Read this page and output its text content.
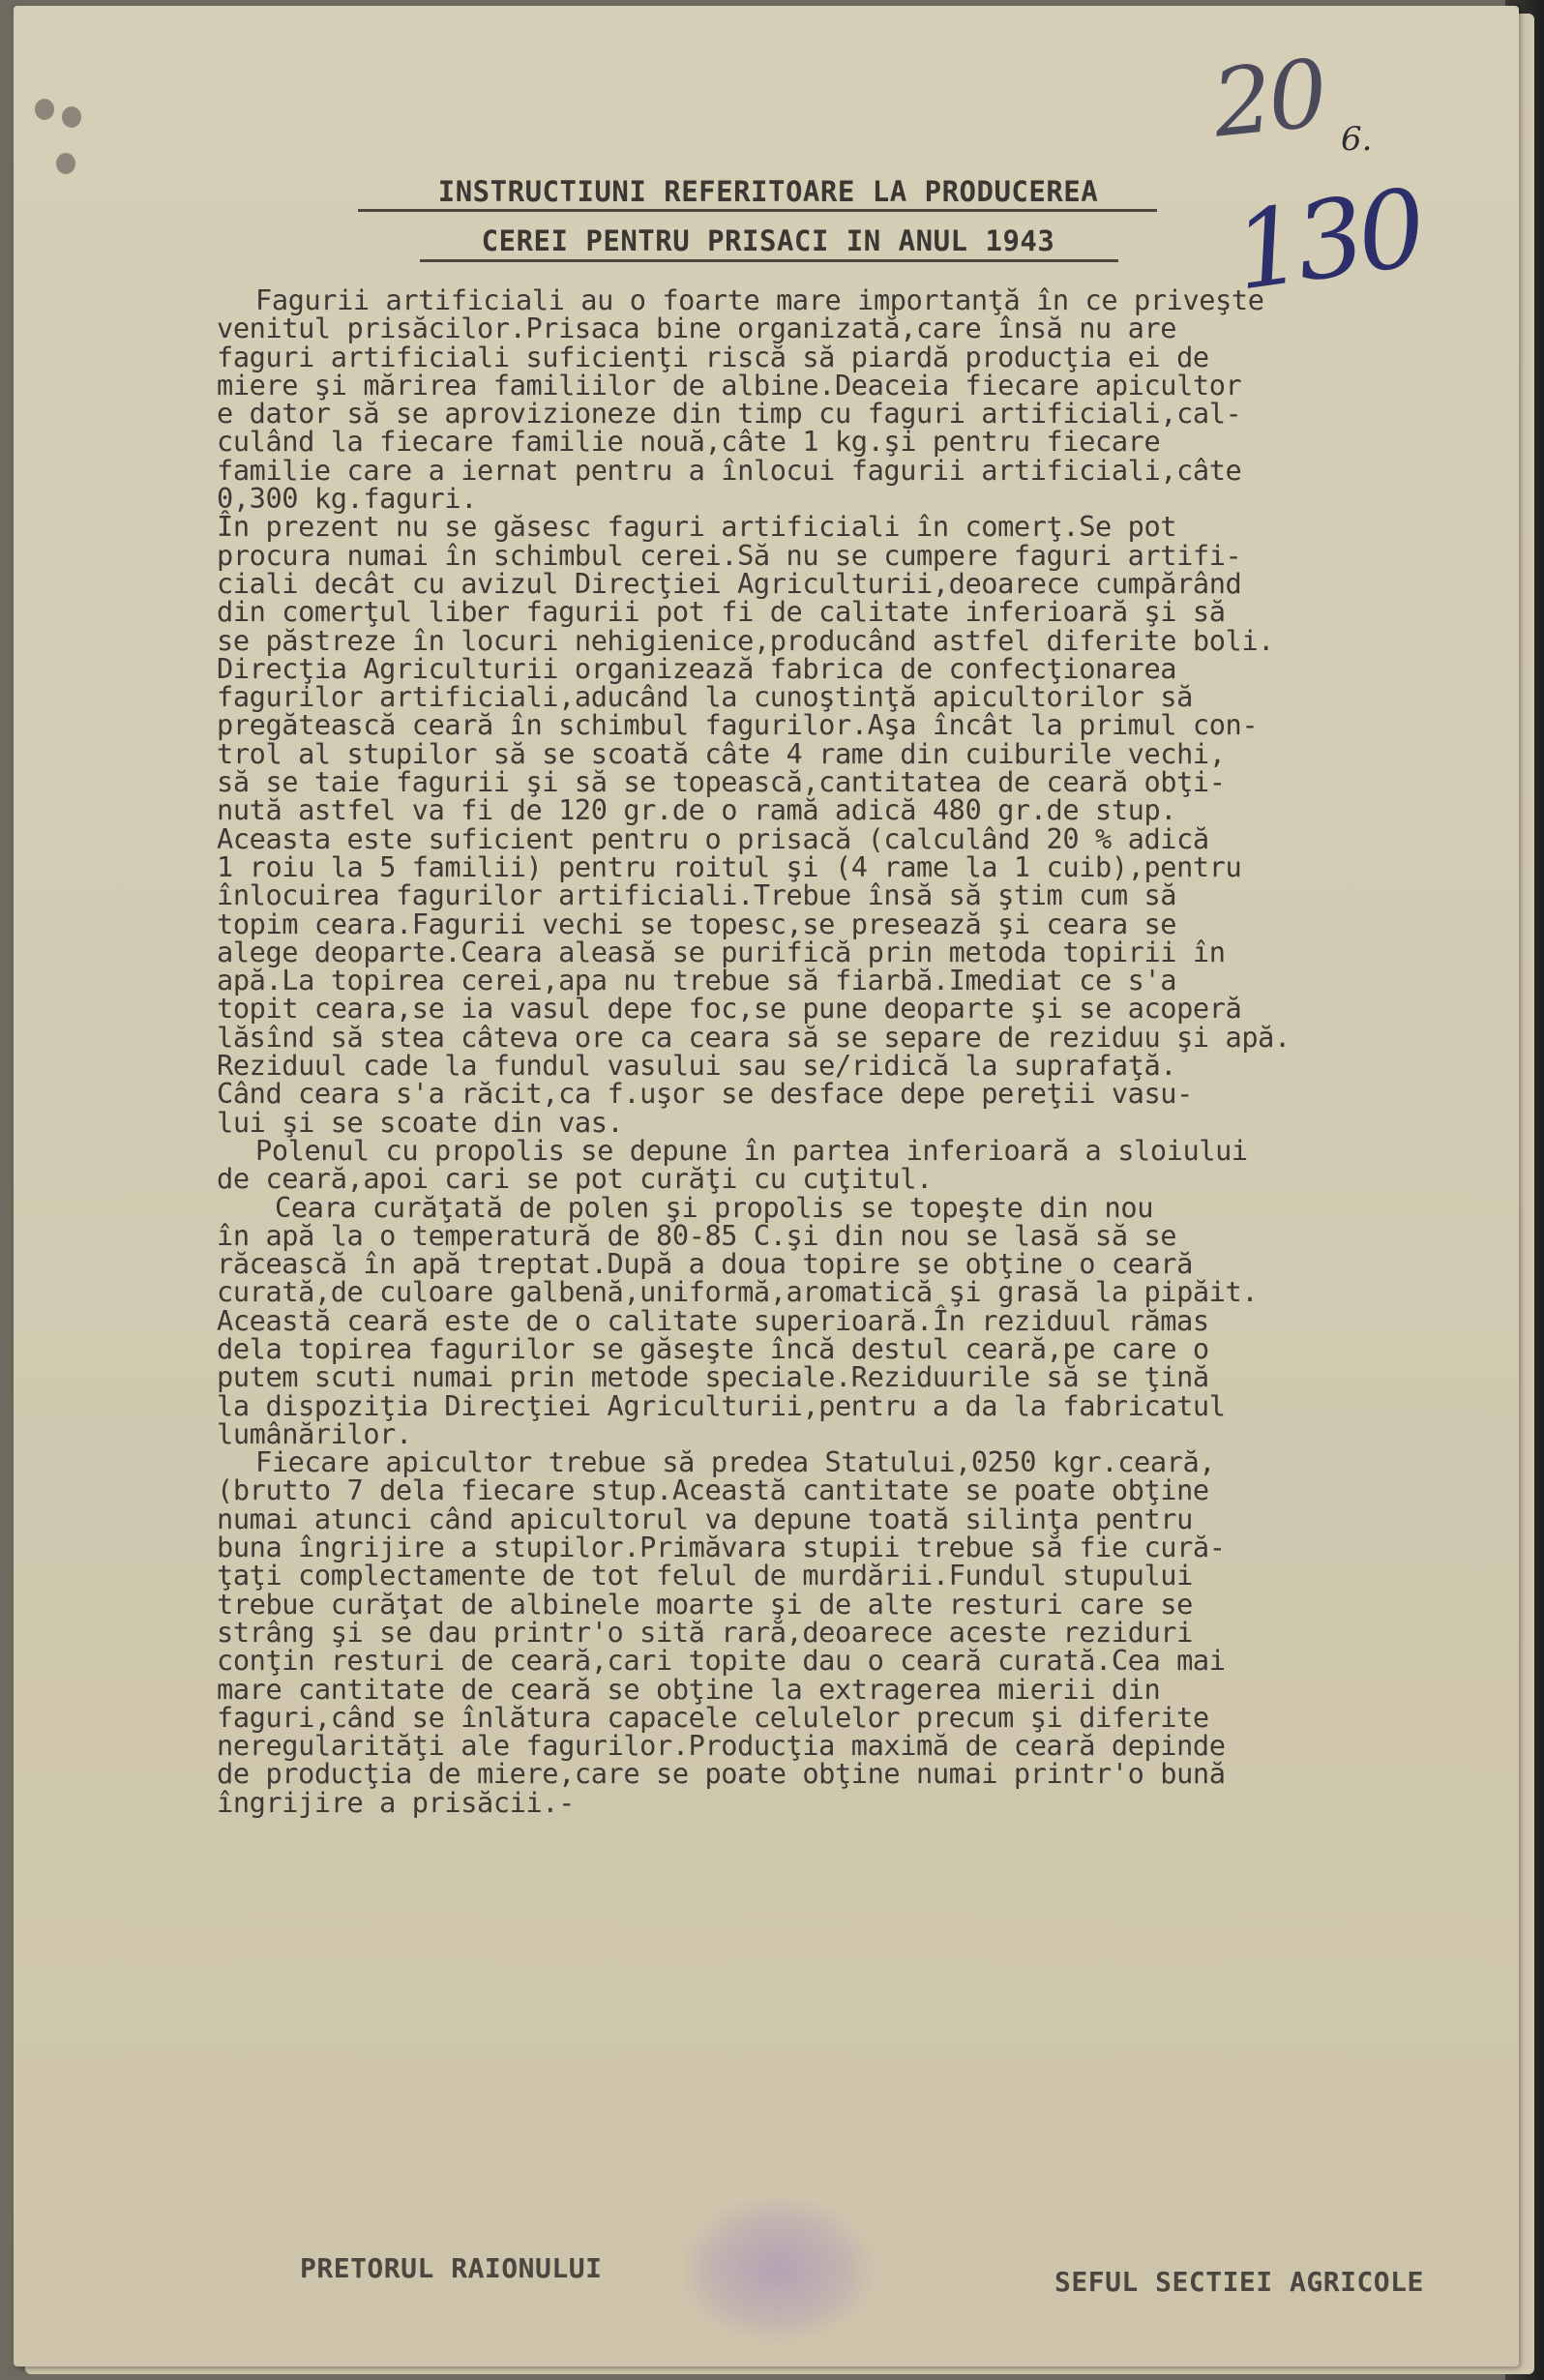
20 6.
130
INSTRUCTIUNI REFERITOARE LA PRODUCEREA
CEREI PENTRU PRISACI IN ANUL 1943
Fagurii artificiali au o foarte mare importanţă în ce priveşte
venitul prisăcilor.Prisaca bine organizată,care însă nu are
faguri artificiali suficienţi riscă să piardă producţia ei de
miere şi mărirea familiilor de albine.Deaceia fiecare apicultor
e dator să se aprovizioneze din timp cu faguri artificiali,cal-
culând la fiecare familie nouă,câte 1 kg.şi pentru fiecare
familie care a iernat pentru a înlocui fagurii artificiali,câte
0,300 kg.faguri.
În prezent nu se găsesc faguri artificiali în comerţ.Se pot
procura numai în schimbul cerei.Să nu se cumpere faguri artifi-
ciali decât cu avizul Direcţiei Agriculturii,deoarece cumpărând
din comerţul liber fagurii pot fi de calitate inferioară şi să
se păstreze în locuri nehigienice,producând astfel diferite boli.
Direcţia Agriculturii organizează fabrica de confecţionarea
fagurilor artificiali,aducând la cunoştinţă apicultorilor să
pregătească ceară în schimbul fagurilor.Aşa încât la primul con-
trol al stupilor să se scoată câte 4 rame din cuiburile vechi,
să se taie fagurii şi să se topească,cantitatea de ceară obţi-
nută astfel va fi de 120 gr.de o ramă adică 480 gr.de stup.
Aceasta este suficient pentru o prisacă (calculând 20 % adică
1 roiu la 5 familii) pentru roitul şi (4 rame la 1 cuib),pentru
înlocuirea fagurilor artificiali.Trebue însă să ştim cum să
topim ceara.Fagurii vechi se topesc,se presează şi ceara se
alege deoparte.Ceara aleasă se purifică prin metoda topirii în
apă.La topirea cerei,apa nu trebue să fiarbă.Imediat ce s'a
topit ceara,se ia vasul depe foc,se pune deoparte şi se acoperă
lăsînd să stea câteva ore ca ceara să se separe de reziduu şi apă.
Reziduul cade la fundul vasului sau se/ridică la suprafaţă.
Când ceara s'a răcit,ca f.uşor se desface depe pereţii vasu-
lui şi se scoate din vas.
Polenul cu propolis se depune în partea inferioară a sloiului
de ceară,apoi cari se pot curăţi cu cuţitul.
Ceara curăţată de polen şi propolis se topeşte din nou
în apă la o temperatură de 80-85 C.şi din nou se lasă să se
răcească în apă treptat.După a doua topire se obţine o ceară
curată,de culoare galbenă,uniformă,aromatică şi grasă la pipăit.
Această ceară este de o calitate superioară.În reziduul rămas
dela topirea fagurilor se găseşte încă destul ceară,pe care o
putem scuti numai prin metode speciale.Reziduurile să se ţină
la dispoziţia Direcţiei Agriculturii,pentru a da la fabricatul
lumânărilor.
Fiecare apicultor trebue să predea Statului,0250 kgr.ceară,
(brutto 7 dela fiecare stup.Această cantitate se poate obţine
numai atunci când apicultorul va depune toată silinţa pentru
buna îngrijire a stupilor.Primăvara stupii trebue să fie cură-
ţaţi complectamente de tot felul de murdării.Fundul stupului
trebue curăţat de albinele moarte şi de alte resturi care se
strâng şi se dau printr'o sită rară,deoarece aceste reziduri
conţin resturi de ceară,cari topite dau o ceară curată.Cea mai
mare cantitate de ceară se obţine la extragerea mierii din
faguri,când se înlătura capacele celulelor precum şi diferite
neregularităţi ale fagurilor.Producţia maximă de ceară depinde
de producţia de miere,care se poate obţine numai printr'o bună
îngrijire a prisăcii.-
PRETORUL RAIONULUI	SEFUL SECTIEI AGRICOLE
